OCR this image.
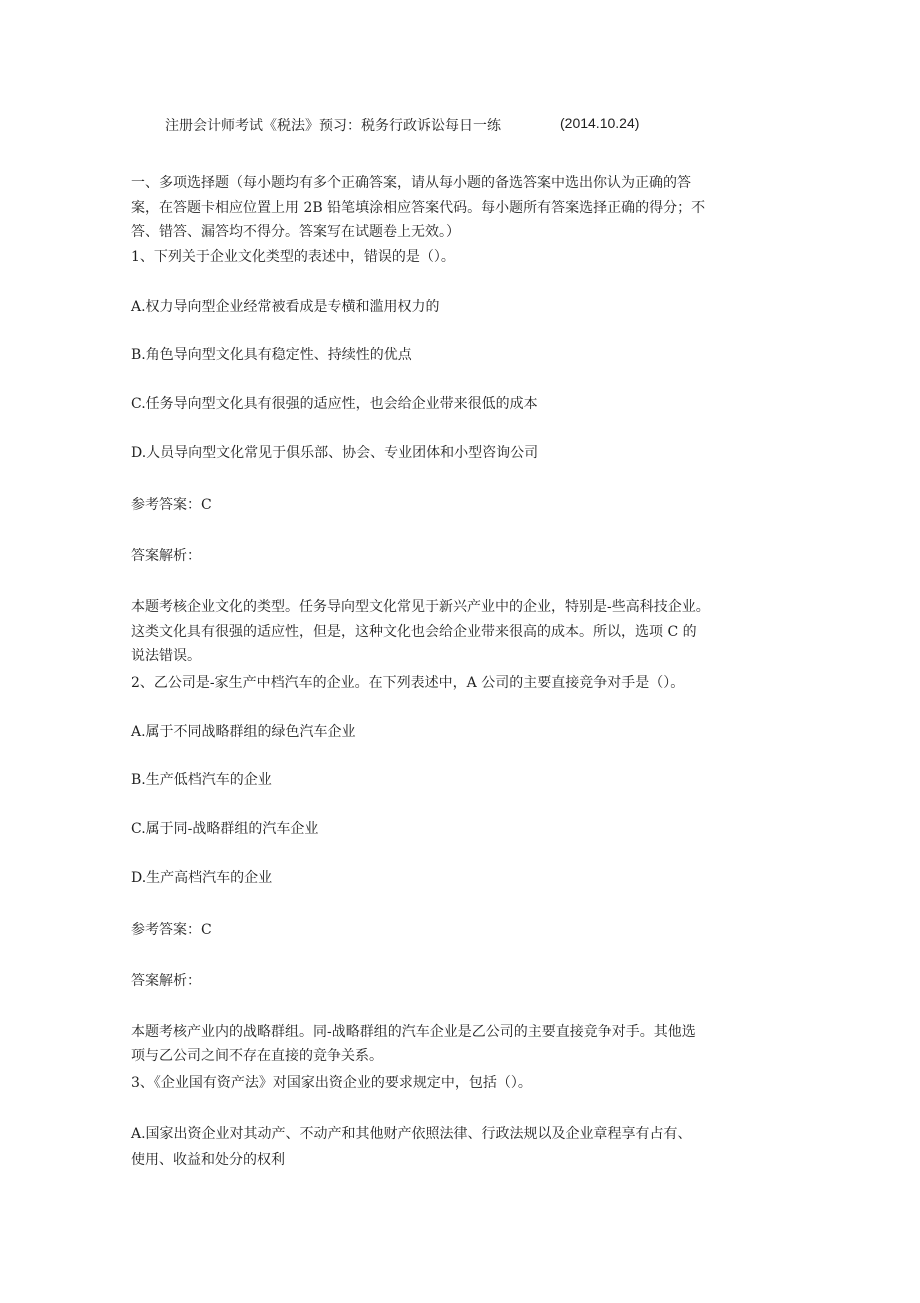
注册会计师考试《税法》预习：税务行政诉讼每日一练	(2014.10.24)
一、多项选择题（每小题均有多个正确答案，请从每小题的备选答案中选出你认为正确的答
案，在答题卡相应位置上用 2B 铅笔填涂相应答案代码。每小题所有答案选择正确的得分；不
答、错答、漏答均不得分。答案写在试题卷上无效。）
1、下列关于企业文化类型的表述中，错误的是（）。
A.权力导向型企业经常被看成是专横和滥用权力的
B.角色导向型文化具有稳定性、持续性的优点
C.任务导向型文化具有很强的适应性，也会给企业带来很低的成本
D.人员导向型文化常见于俱乐部、协会、专业团体和小型咨询公司
参考答案：C
答案解析：
本题考核企业文化的类型。任务导向型文化常见于新兴产业中的企业，特别是-些高科技企业。
这类文化具有很强的适应性，但是，这种文化也会给企业带来很高的成本。所以，选项 C 的
说法错误。
2、乙公司是-家生产中档汽车的企业。在下列表述中，A 公司的主要直接竞争对手是（）。
A.属于不同战略群组的绿色汽车企业
B.生产低档汽车的企业
C.属于同-战略群组的汽车企业
D.生产高档汽车的企业
参考答案：C
答案解析：
本题考核产业内的战略群组。同-战略群组的汽车企业是乙公司的主要直接竞争对手。其他选
项与乙公司之间不存在直接的竞争关系。
3、《企业国有资产法》对国家出资企业的要求规定中，包括（）。
A.国家出资企业对其动产、不动产和其他财产依照法律、行政法规以及企业章程享有占有、
使用、收益和处分的权利
